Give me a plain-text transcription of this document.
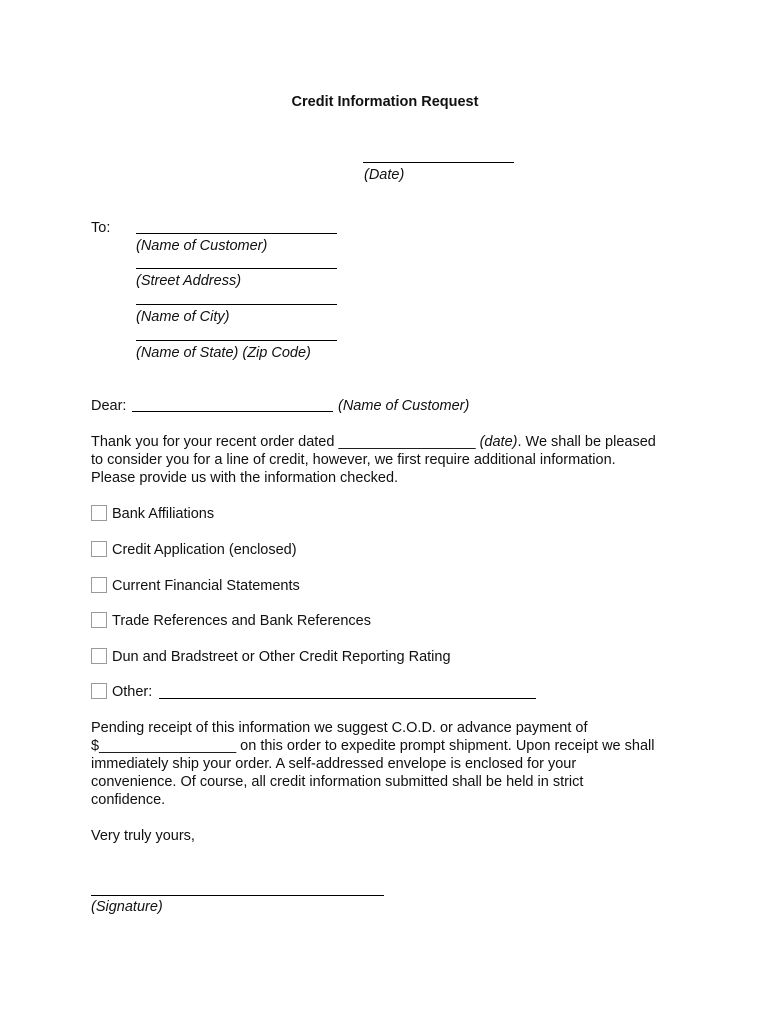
Credit Information Request
(Date)
To:
(Name of Customer)
(Street Address)
(Name of City)
(Name of State) (Zip Code)
Dear:	(Name of Customer)
Thank you for your recent order dated _________________ (date). We shall be pleased to consider you for a line of credit, however, we first require additional information. Please provide us with the information checked.
Bank Affiliations
Credit Application (enclosed)
Current Financial Statements
Trade References and Bank References
Dun and Bradstreet or Other Credit Reporting Rating
Other:
Pending receipt of this information we suggest C.O.D. or advance payment of $_________________ on this order to expedite prompt shipment. Upon receipt we shall immediately ship your order. A self-addressed envelope is enclosed for your convenience. Of course, all credit information submitted shall be held in strict confidence.
Very truly yours,
(Signature)
